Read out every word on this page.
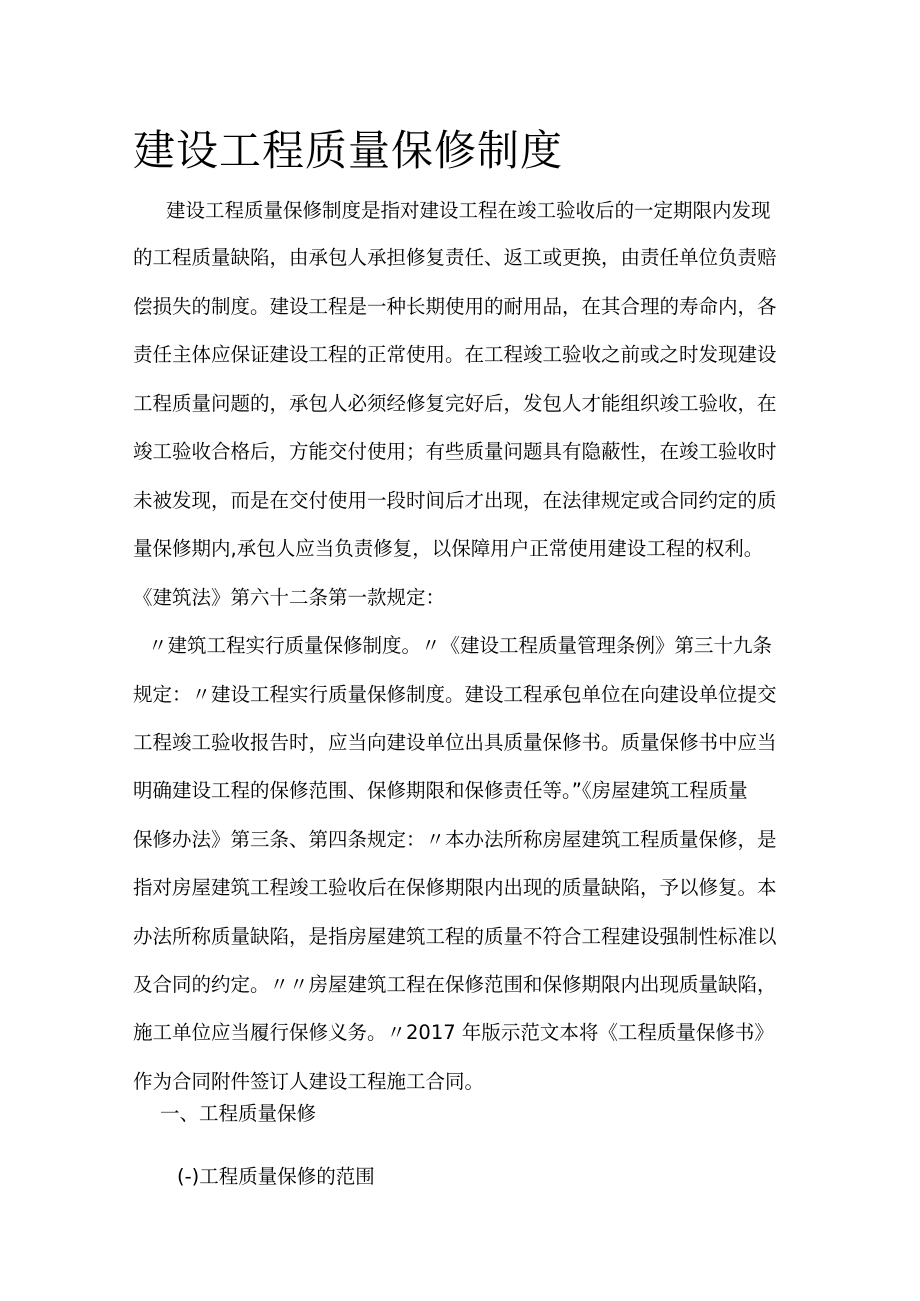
建设工程质量保修制度

建设工程质量保修制度是指对建设工程在竣工验收后的一定期限内发现

的工程质量缺陷，由承包人承担修复责任、返工或更换，由责任单位负责赔

偿损失的制度。建设工程是一种长期使用的耐用品，在其合理的寿命内，各

责任主体应保证建设工程的正常使用。在工程竣工验收之前或之时发现建设

工程质量问题的，承包人必须经修复完好后，发包人才能组织竣工验收，在

竣工验收合格后，方能交付使用；有些质量问题具有隐蔽性，在竣工验收时

未被发现，而是在交付使用一段时间后才出现，在法律规定或合同约定的质

量保修期内,承包人应当负责修复，以保障用户正常使用建设工程的权利。

《建筑法》第六十二条第一款规定：

〃建筑工程实行质量保修制度。〃《建设工程质量管理条例》第三十九条

规定：〃建设工程实行质量保修制度。建设工程承包单位在向建设单位提交

工程竣工验收报告时，应当向建设单位出具质量保修书。质量保修书中应当

明确建设工程的保修范围、保修期限和保修责任等。”《房屋建筑工程质量

保修办法》第三条、第四条规定：〃本办法所称房屋建筑工程质量保修，是

指对房屋建筑工程竣工验收后在保修期限内出现的质量缺陷，予以修复。本

办法所称质量缺陷，是指房屋建筑工程的质量不符合工程建设强制性标准以

及合同的约定。〃〃房屋建筑工程在保修范围和保修期限内出现质量缺陷，

施工单位应当履行保修义务。〃2017 年版示范文本将《工程质量保修书》

作为合同附件签订人建设工程施工合同。

一、工程质量保修

(-)工程质量保修的范围
